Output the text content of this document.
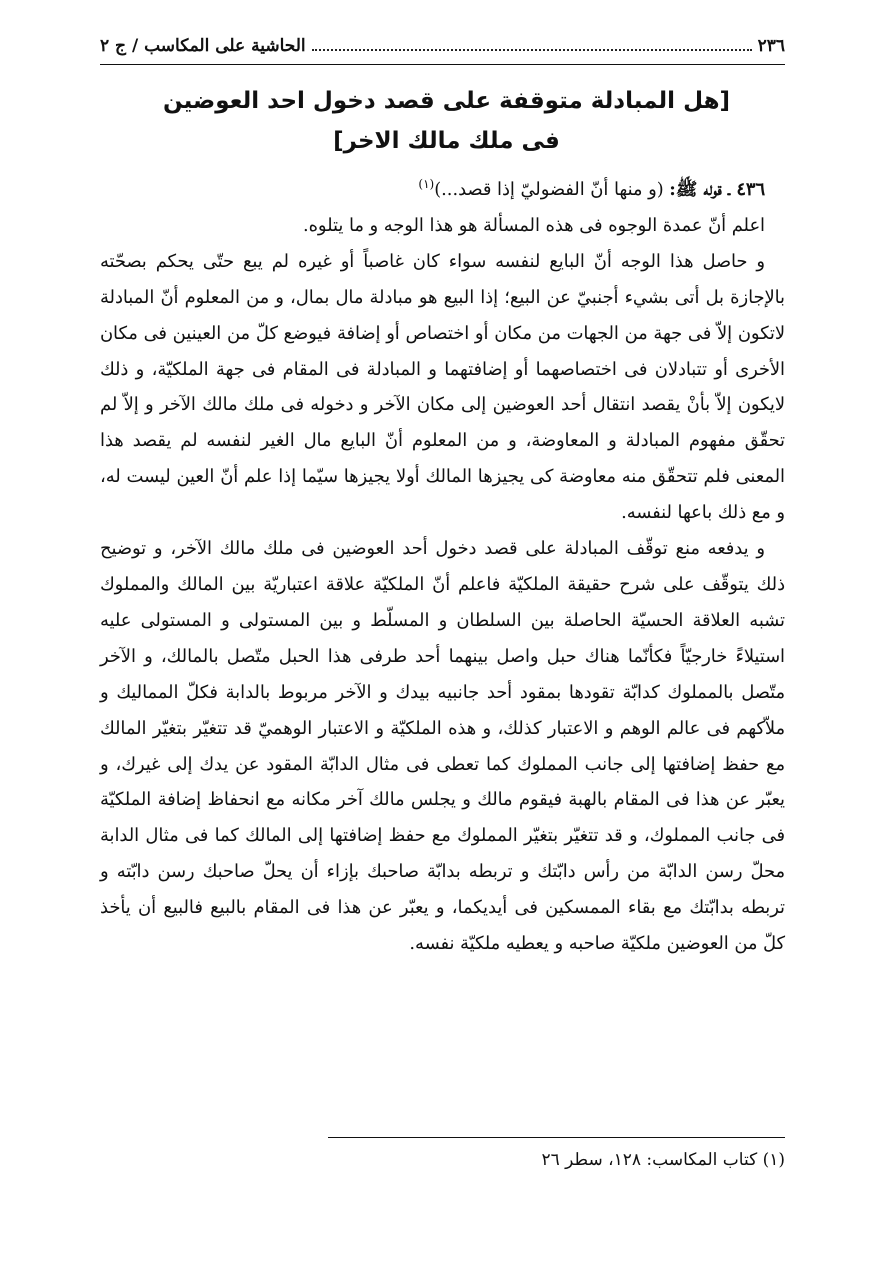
٢٣٦
الحاشية على المكاسب / ج ٢
[هل المبادلة متوقفة على قصد دخول احد العوضين
فى ملك مالك الاخر]

٤٣٦ ـ قوله ﷺ: (و منها أنّ الفضوليّ إذا قصد...)$^{(١)}$

اعلم أنّ عمدة الوجوه فى هذه المسألة هو هذا الوجه و ما يتلوه.

و حاصل هذا الوجه أنّ البايع لنفسه سواء كان غاصباً أو غيره لم يبع حتّى يحكم بصحّته بالإجازة بل أتى بشيء أجنبيّ عن البيع؛ إذا البيع هو مبادلة مال بمال، و من المعلوم أنّ المبادلة لاتكون إلاّ فى جهة من الجهات من مكان أو اختصاص أو إضافة فيوضع كلّ من العينين فى مكان الأخرى أو تتبادلان فى اختصاصهما أو إضافتهما و المبادلة فى المقام فى جهة الملكيّة، و ذلك لايكون إلاّ بأنْ يقصد انتقال أحد العوضين إلى مكان الآخر و دخوله فى ملك مالك الآخر و إلاّ لم تحقّق مفهوم المبادلة و المعاوضة، و من المعلوم أنّ البايع مال الغير لنفسه لم يقصد هذا المعنى فلم تتحقّق منه معاوضة كى يجيزها المالك أولا يجيزها سيّما إذا علم أنّ العين ليست له، و مع ذلك باعها لنفسه.

و يدفعه منع توقّف المبادلة على قصد دخول أحد العوضين فى ملك مالك الآخر، و توضيح ذلك يتوقّف على شرح حقيقة الملكيّة فاعلم أنّ الملكيّة علاقة اعتباريّة بين المالك والمملوك تشبه العلاقة الحسيّة الحاصلة بين السلطان و المسلّط و بين المستولى و المستولى عليه استيلاءً خارجيّاً فكأنّما هناك حبل واصل بينهما أحد طرفى هذا الحبل متّصل بالمالك، و الآخر متّصل بالمملوك كدابّة تقودها بمقود أحد جانبيه بيدك و الآخر مربوط بالدابة فكلّ المماليك و ملاّكهم فى عالم الوهم و الاعتبار كذلك، و هذه الملكيّة و الاعتبار الوهميّ قد تتغيّر بتغيّر المالك مع حفظ إضافتها إلى جانب المملوك كما تعطى فى مثال الدابّة المقود عن يدك إلى غيرك، و يعبّر عن هذا فى المقام بالهبة فيقوم مالك و يجلس مالك آخر مكانه مع انحفاظ إضافة الملكيّة فى جانب المملوك، و قد تتغيّر بتغيّر المملوك مع حفظ إضافتها إلى المالك كما فى مثال الدابة محلّ رسن الدابّة من رأس دابّتك و تربطه بدابّة صاحبك بإزاء أن يحلّ صاحبك رسن دابّته و تربطه بدابّتك مع بقاء الممسكين فى أيديكما، و يعبّر عن هذا فى المقام بالبيع فالبيع أن يأخذ كلّ من العوضين ملكيّة صاحبه و يعطيه ملكيّة نفسه.

(١) كتاب المكاسب: ١٢٨، سطر ٢٦
